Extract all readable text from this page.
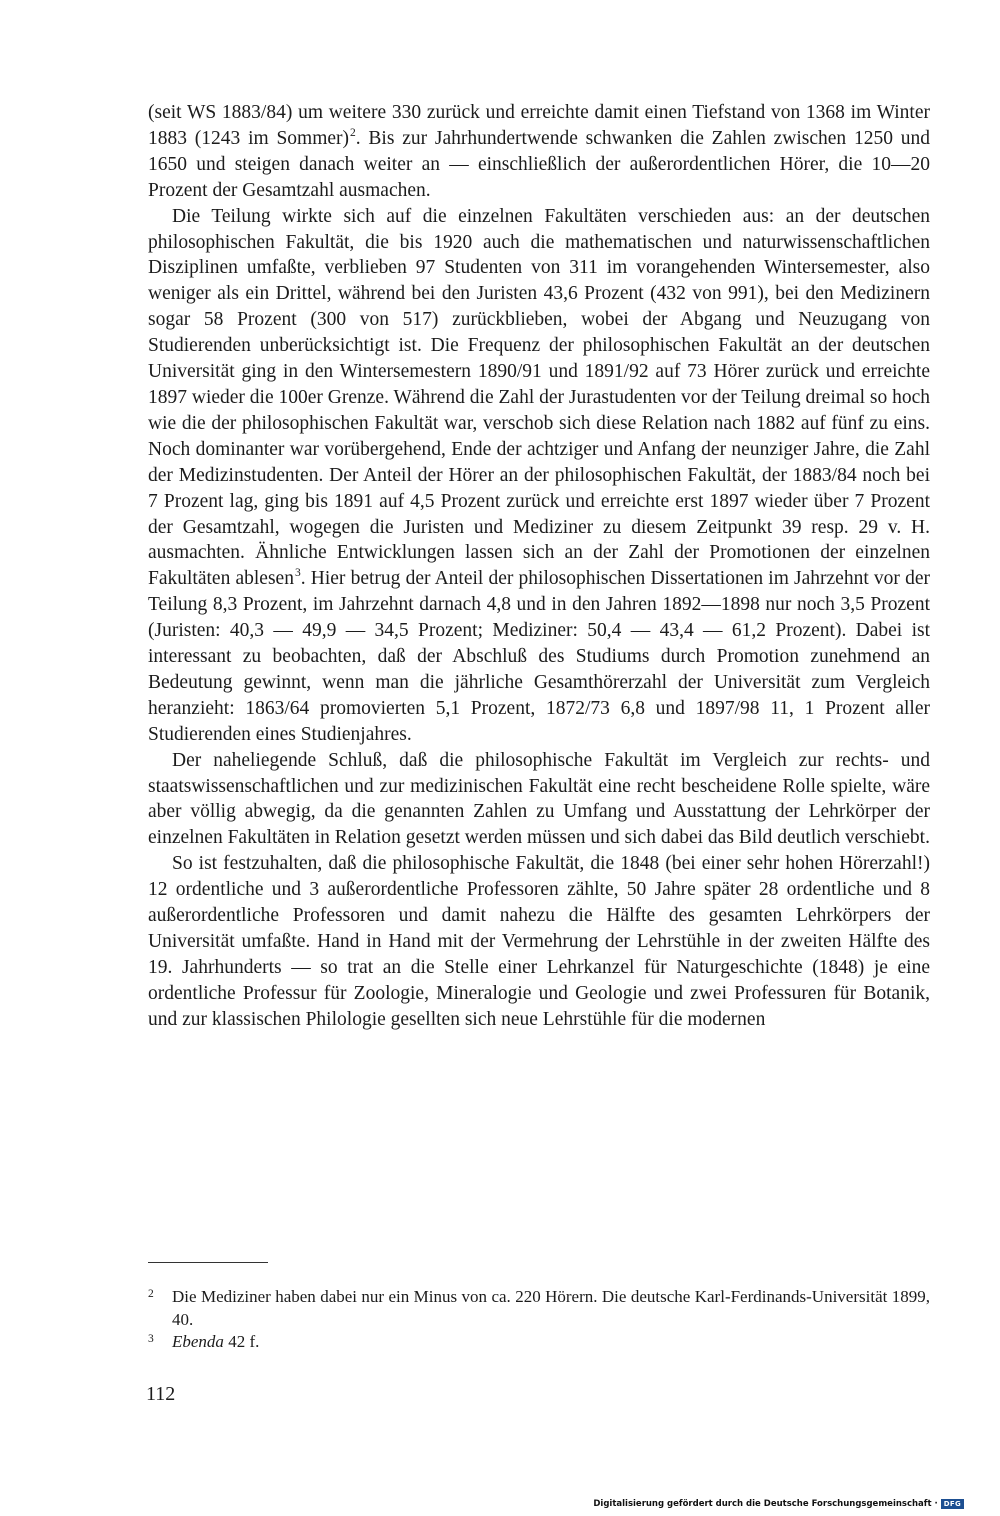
(seit WS 1883/84) um weitere 330 zurück und erreichte damit einen Tiefstand von 1368 im Winter 1883 (1243 im Sommer)$^2$. Bis zur Jahrhundertwende schwanken die Zahlen zwischen 1250 und 1650 und steigen danach weiter an — einschließlich der außerordentlichen Hörer, die 10—20 Prozent der Gesamtzahl ausmachen.

Die Teilung wirkte sich auf die einzelnen Fakultäten verschieden aus: an der deutschen philosophischen Fakultät, die bis 1920 auch die mathematischen und naturwissenschaftlichen Disziplinen umfaßte, verblieben 97 Studenten von 311 im vorangehenden Wintersemester, also weniger als ein Drittel, während bei den Juristen 43,6 Prozent (432 von 991), bei den Medizinern sogar 58 Prozent (300 von 517) zurückblieben, wobei der Abgang und Neuzugang von Studierenden unberücksichtigt ist. Die Frequenz der philosophischen Fakultät an der deutschen Universität ging in den Wintersemestern 1890/91 und 1891/92 auf 73 Hörer zurück und erreichte 1897 wieder die 100er Grenze. Während die Zahl der Jurastudenten vor der Teilung dreimal so hoch wie die der philosophischen Fakultät war, verschob sich diese Relation nach 1882 auf fünf zu eins. Noch dominanter war vorübergehend, Ende der achtziger und Anfang der neunziger Jahre, die Zahl der Medizinstudenten. Der Anteil der Hörer an der philosophischen Fakultät, der 1883/84 noch bei 7 Prozent lag, ging bis 1891 auf 4,5 Prozent zurück und erreichte erst 1897 wieder über 7 Prozent der Gesamtzahl, wogegen die Juristen und Mediziner zu diesem Zeitpunkt 39 resp. 29 v. H. ausmachten. Ähnliche Entwicklungen lassen sich an der Zahl der Promotionen der einzelnen Fakultäten ablesen$^3$. Hier betrug der Anteil der philosophischen Dissertationen im Jahrzehnt vor der Teilung 8,3 Prozent, im Jahrzehnt darnach 4,8 und in den Jahren 1892—1898 nur noch 3,5 Prozent (Juristen: 40,3 — 49,9 — 34,5 Prozent; Mediziner: 50,4 — 43,4 — 61,2 Prozent). Dabei ist interessant zu beobachten, daß der Abschluß des Studiums durch Promotion zunehmend an Bedeutung gewinnt, wenn man die jährliche Gesamthörerzahl der Universität zum Vergleich heranzieht: 1863/64 promovierten 5,1 Prozent, 1872/73 6,8 und 1897/98 11, 1 Prozent aller Studierenden eines Studienjahres.

Der naheliegende Schluß, daß die philosophische Fakultät im Vergleich zur rechts- und staatswissenschaftlichen und zur medizinischen Fakultät eine recht bescheidene Rolle spielte, wäre aber völlig abwegig, da die genannten Zahlen zu Umfang und Ausstattung der Lehrkörper der einzelnen Fakultäten in Relation gesetzt werden müssen und sich dabei das Bild deutlich verschiebt.

So ist festzuhalten, daß die philosophische Fakultät, die 1848 (bei einer sehr hohen Hörerzahl!) 12 ordentliche und 3 außerordentliche Professoren zählte, 50 Jahre später 28 ordentliche und 8 außerordentliche Professoren und damit nahezu die Hälfte des gesamten Lehrkörpers der Universität umfaßte. Hand in Hand mit der Vermehrung der Lehrstühle in der zweiten Hälfte des 19. Jahrhunderts — so trat an die Stelle einer Lehrkanzel für Naturgeschichte (1848) je eine ordentliche Professur für Zoologie, Mineralogie und Geologie und zwei Professuren für Botanik, und zur klassischen Philologie gesellten sich neue Lehrstühle für die modernen

2 Die Mediziner haben dabei nur ein Minus von ca. 220 Hörern. Die deutsche Karl-Ferdinands-Universität 1899, 40.

3 Ebenda 42 f.

112
Digitalisierung gefördert durch die Deutsche Forschungsgemeinschaft · DFG
